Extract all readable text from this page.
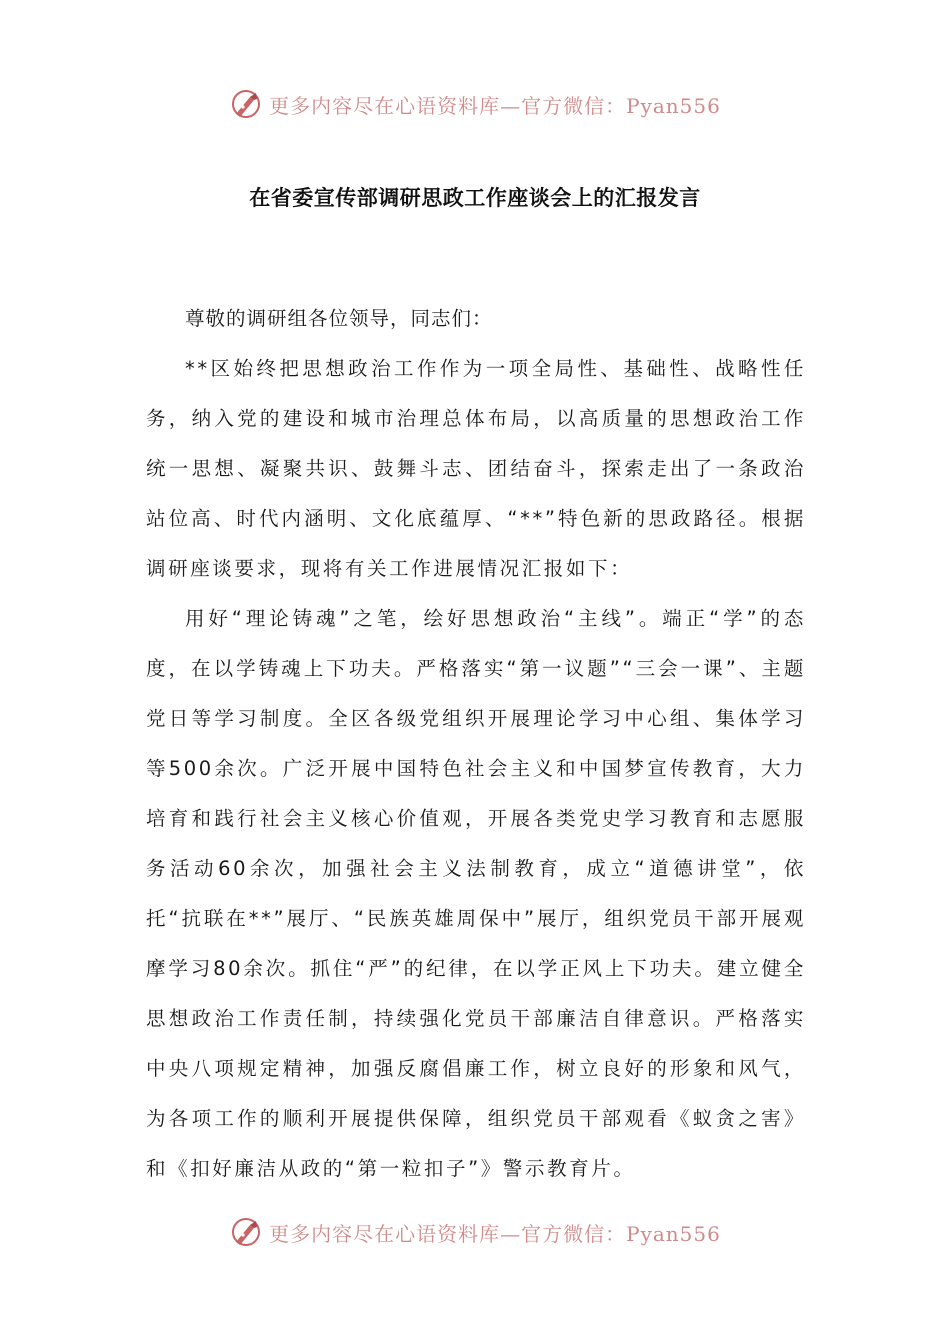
更多内容尽在心语资料库—官方微信：Pyan556
在省委宣传部调研思政工作座谈会上的汇报发言

尊敬的调研组各位领导，同志们：

**区始终把思想政治工作作为一项全局性、基础性、战略性任务，纳入党的建设和城市治理总体布局，以高质量的思想政治工作统一思想、凝聚共识、鼓舞斗志、团结奋斗，探索走出了一条政治站位高、时代内涵明、文化底蕴厚、“**”特色新的思政路径。根据调研座谈要求，现将有关工作进展情况汇报如下：

用好“理论铸魂”之笔，绘好思想政治“主线”。端正“学”的态度，在以学铸魂上下功夫。严格落实“第一议题”“三会一课”、主题党日等学习制度。全区各级党组织开展理论学习中心组、集体学习等500余次。广泛开展中国特色社会主义和中国梦宣传教育，大力培育和践行社会主义核心价值观，开展各类党史学习教育和志愿服务活动60余次，加强社会主义法制教育，成立“道德讲堂”，依托“抗联在**”展厅、“民族英雄周保中”展厅，组织党员干部开展观摩学习80余次。抓住“严”的纪律，在以学正风上下功夫。建立健全思想政治工作责任制，持续强化党员干部廉洁自律意识。严格落实中央八项规定精神，加强反腐倡廉工作，树立良好的形象和风气，为各项工作的顺利开展提供保障，组织党员干部观看《蚁贪之害》和《扣好廉洁从政的“第一粒扣子”》警示教育片。

更多内容尽在心语资料库—官方微信：Pyan556
